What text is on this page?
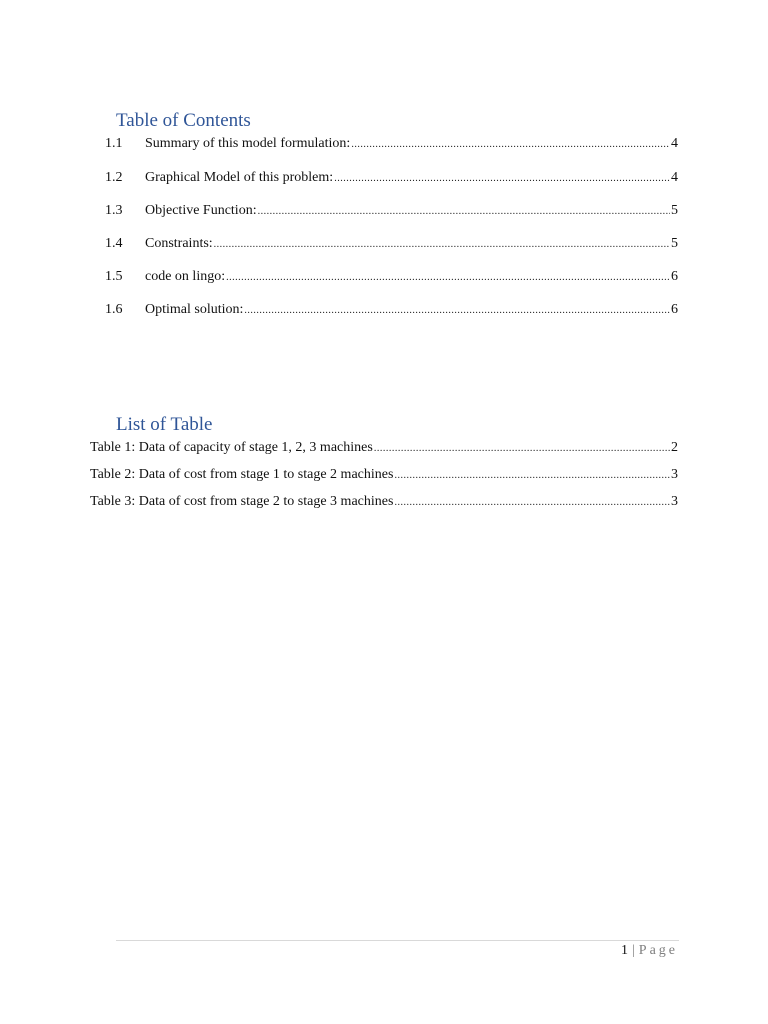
Table of Contents
1.1	Summary of this model formulation: .....	4
1.2	Graphical Model of this problem: .....	4
1.3	Objective Function: .....	5
1.4	Constraints: .....	5
1.5	code on lingo: .....	6
1.6	Optimal solution: .....	6
List of Table
Table 1: Data of capacity of stage 1, 2, 3 machines .....	2
Table 2: Data of cost from stage 1 to stage 2 machines .....	3
Table 3: Data of cost from stage 2 to stage 3 machines .....	3
1 | Page
